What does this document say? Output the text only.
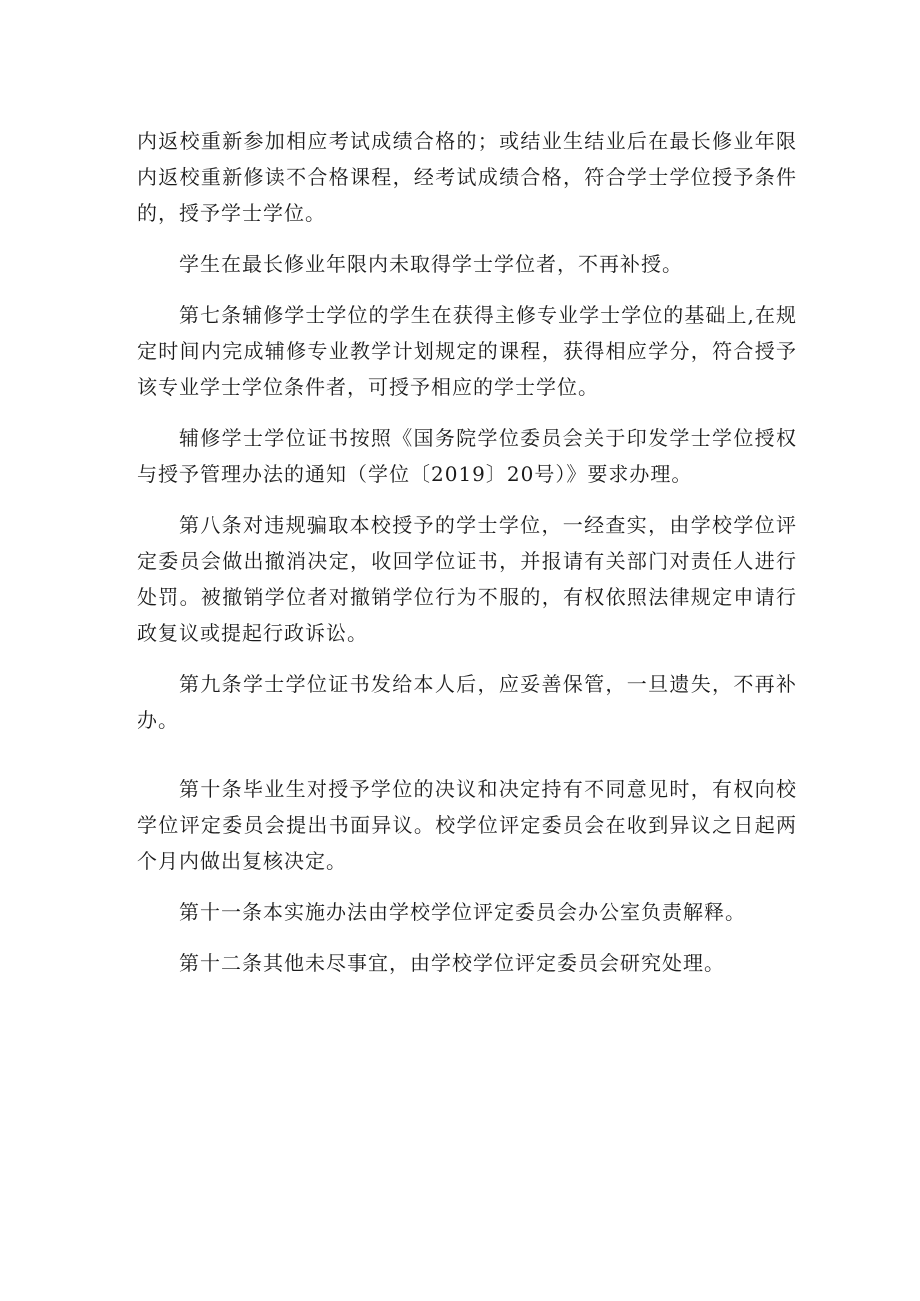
内返校重新参加相应考试成绩合格的；或结业生结业后在最长修业年限内返校重新修读不合格课程，经考试成绩合格，符合学士学位授予条件的，授予学士学位。

学生在最长修业年限内未取得学士学位者，不再补授。

第七条辅修学士学位的学生在获得主修专业学士学位的基础上,在规定时间内完成辅修专业教学计划规定的课程，获得相应学分，符合授予该专业学士学位条件者，可授予相应的学士学位。

辅修学士学位证书按照《国务院学位委员会关于印发学士学位授权与授予管理办法的通知（学位〔2019〕20号）》要求办理。

第八条对违规骗取本校授予的学士学位，一经查实，由学校学位评定委员会做出撤消决定，收回学位证书，并报请有关部门对责任人进行处罚。被撤销学位者对撤销学位行为不服的，有权依照法律规定申请行政复议或提起行政诉讼。

第九条学士学位证书发给本人后，应妥善保管，一旦遗失，不再补办。

第十条毕业生对授予学位的决议和决定持有不同意见时，有权向校学位评定委员会提出书面异议。校学位评定委员会在收到异议之日起两个月内做出复核决定。

第十一条本实施办法由学校学位评定委员会办公室负责解释。

第十二条其他未尽事宜，由学校学位评定委员会研究处理。
